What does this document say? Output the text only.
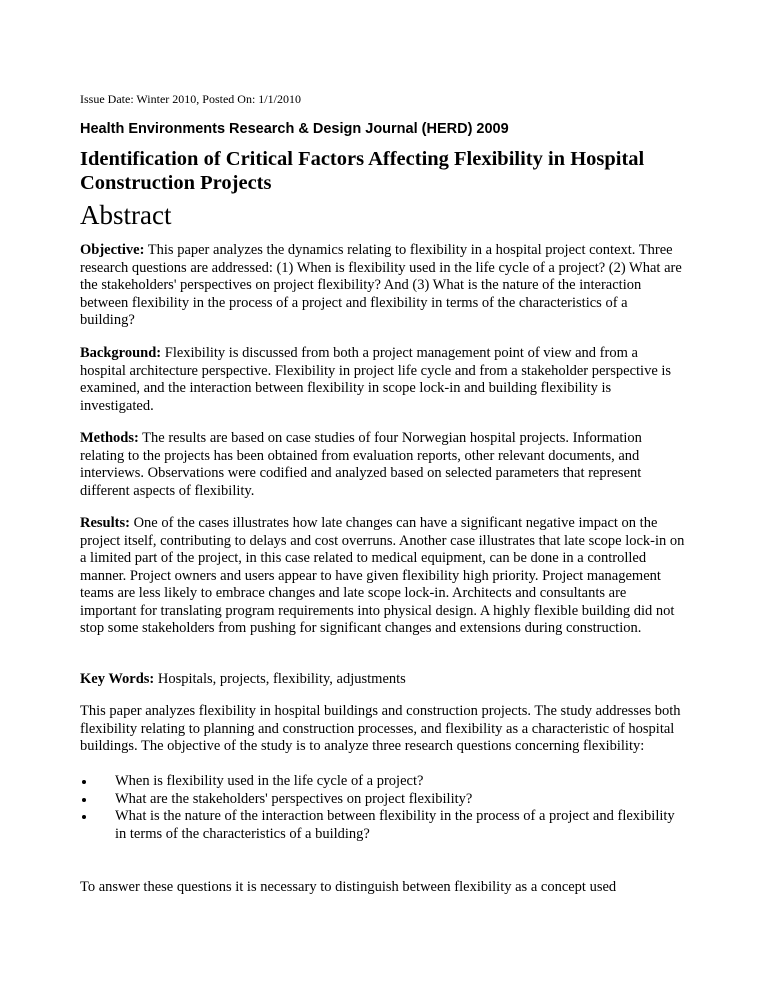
Issue Date: Winter 2010, Posted On: 1/1/2010
Health Environments Research & Design Journal (HERD) 2009
Identification of Critical Factors Affecting Flexibility in Hospital Construction Projects
Abstract

Objective: This paper analyzes the dynamics relating to flexibility in a hospital project context. Three research questions are addressed: (1) When is flexibility used in the life cycle of a project? (2) What are the stakeholders' perspectives on project flexibility? And (3) What is the nature of the interaction between flexibility in the process of a project and flexibility in terms of the characteristics of a building?

Background: Flexibility is discussed from both a project management point of view and from a hospital architecture perspective. Flexibility in project life cycle and from a stakeholder perspective is examined, and the interaction between flexibility in scope lock-in and building flexibility is investigated.

Methods: The results are based on case studies of four Norwegian hospital projects. Information relating to the projects has been obtained from evaluation reports, other relevant documents, and interviews. Observations were codified and analyzed based on selected parameters that represent different aspects of flexibility.

Results: One of the cases illustrates how late changes can have a significant negative impact on the project itself, contributing to delays and cost overruns. Another case illustrates that late scope lock-in on a limited part of the project, in this case related to medical equipment, can be done in a controlled manner. Project owners and users appear to have given flexibility high priority. Project management teams are less likely to embrace changes and late scope lock-in. Architects and consultants are important for translating program requirements into physical design. A highly flexible building did not stop some stakeholders from pushing for significant changes and extensions during construction.

Key Words: Hospitals, projects, flexibility, adjustments

This paper analyzes flexibility in hospital buildings and construction projects. The study addresses both flexibility relating to planning and construction processes, and flexibility as a characteristic of hospital buildings. The objective of the study is to analyze three research questions concerning flexibility:

When is flexibility used in the life cycle of a project?
What are the stakeholders' perspectives on project flexibility?
What is the nature of the interaction between flexibility in the process of a project and flexibility in terms of the characteristics of a building?

To answer these questions it is necessary to distinguish between flexibility as a concept used
